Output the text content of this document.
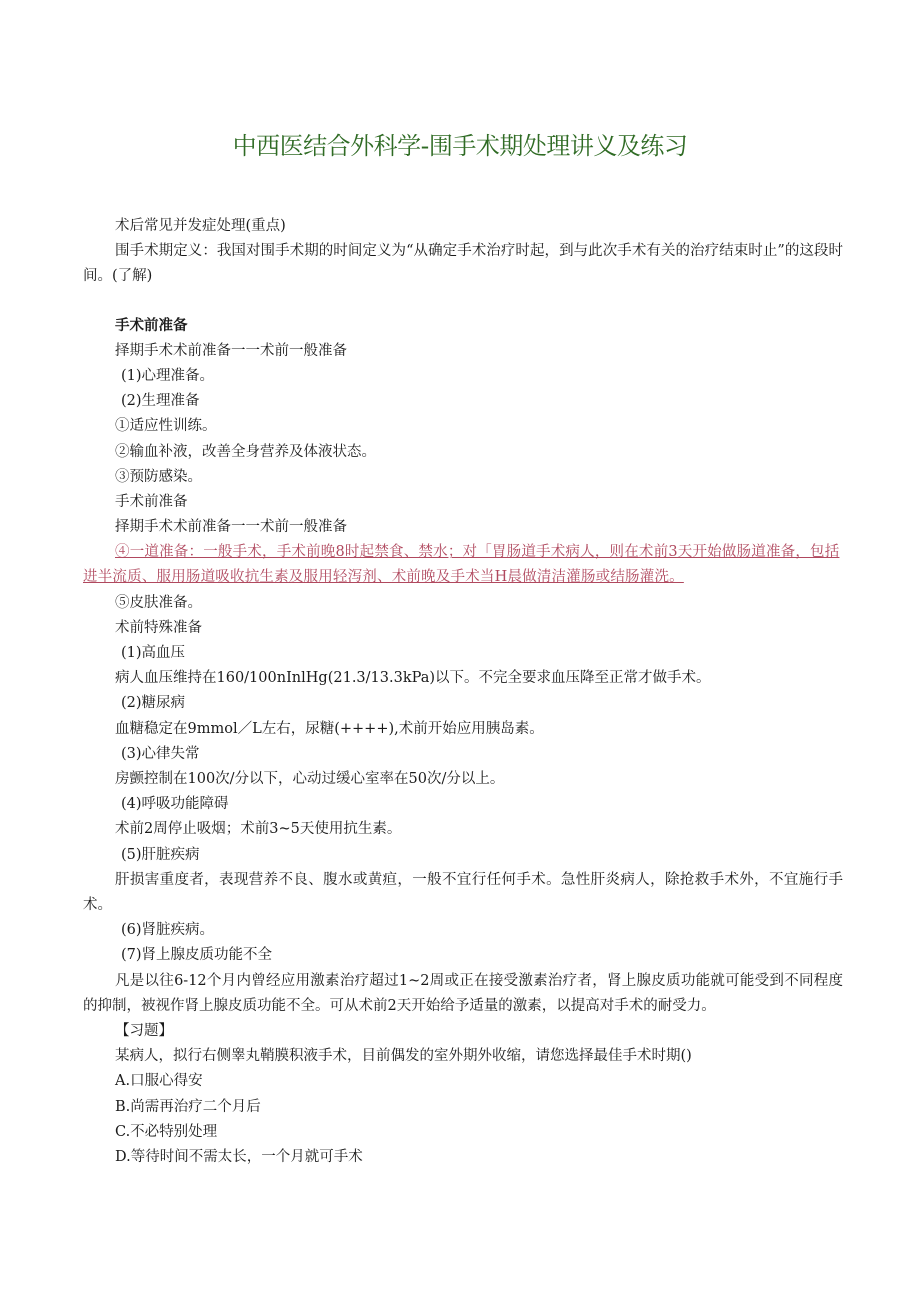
中西医结合外科学-围手术期处理讲义及练习
术后常见并发症处理(重点)
围手术期定义：我国对围手术期的时间定义为“从确定手术治疗时起，到与此次手术有关的治疗结束时止”的这段时间。(了解)
手术前准备
择期手术术前准备一一术前一般准备
(1)心理准备。
(2)生理准备
①适应性训练。
②输血补液，改善全身营养及体液状态。
③预防感染。
手术前准备
择期手术术前准备一一术前一般准备
④一道准备：一般手术，手术前晚8时起禁食、禁水；对「胃肠道手术病人，则在术前3天开始做肠道准备，包括进半流质、服用肠道吸收抗生素及服用轻泻剂、术前晚及手术当H晨做清洁灌肠或结肠灌洗。
⑤皮肤准备。
术前特殊准备
(1)高血压
病人血压维持在160/100nInlHg(21.3/13.3kPa)以下。不完全要求血压降至正常才做手术。
(2)糖尿病
血糖稳定在9mmol／L左右，尿糖(++++),术前开始应用胰岛素。
(3)心律失常
房颤控制在100次/分以下，心动过缓心室率在50次/分以上。
(4)呼吸功能障碍
术前2周停止吸烟；术前3~5天使用抗生素。
(5)肝脏疾病
肝损害重度者，表现营养不良、腹水或黄疸，一般不宜行任何手术。急性肝炎病人，除抢救手术外，不宜施行手术。
(6)肾脏疾病。
(7)肾上腺皮质功能不全
凡是以往6-12个月内曾经应用激素治疗超过1~2周或正在接受激素治疗者，肾上腺皮质功能就可能受到不同程度的抑制，被视作肾上腺皮质功能不全。可从术前2天开始给予适量的激素，以提高对手术的耐受力。
【习题】
某病人，拟行右侧睾丸鞘膜积液手术，目前偶发的室外期外收缩，请您选择最佳手术时期()
A.口服心得安
B.尚需再治疗二个月后
C.不必特别处理
D.等待时间不需太长，一个月就可手术
